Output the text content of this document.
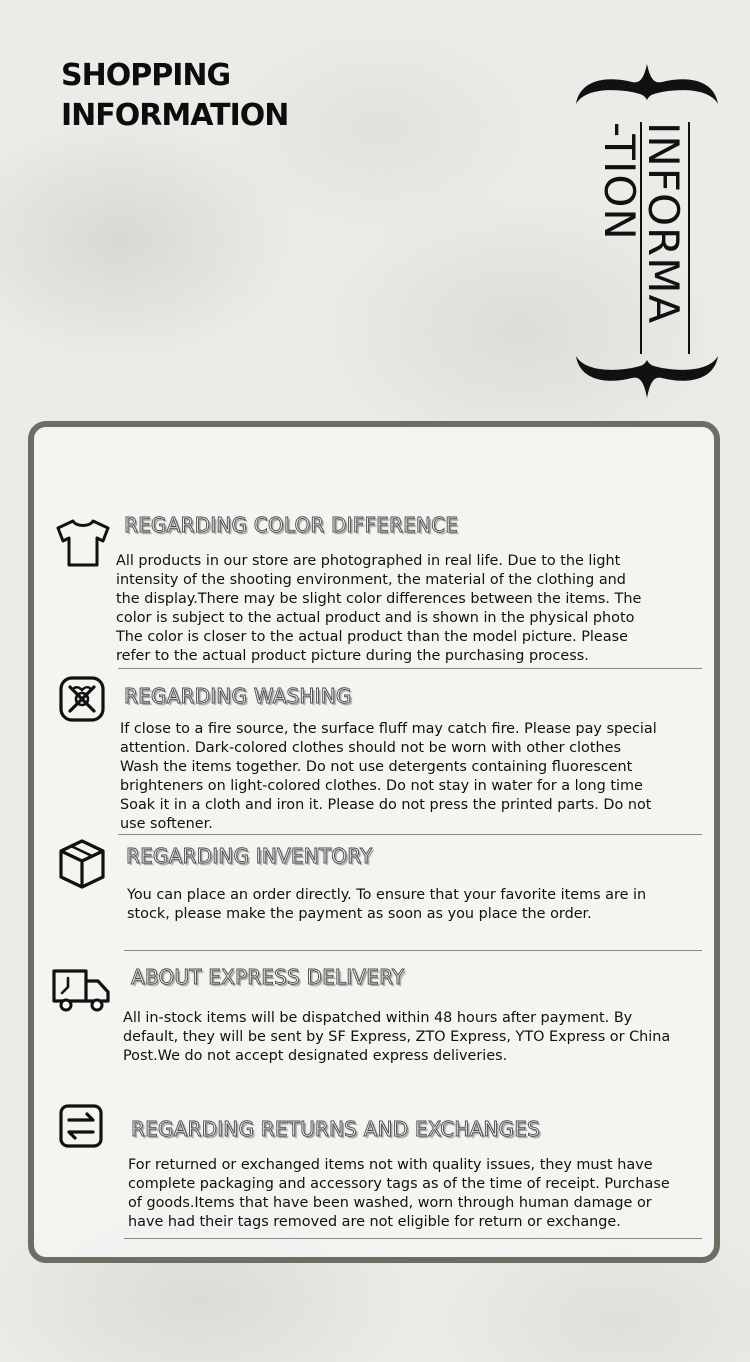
SHOPPING
INFORMATION
INFORMA
-TION
REGARDING COLOR DIFFERENCE
All products in our store are photographed in real life. Due to the light
intensity of the shooting environment, the material of the clothing and
the display.There may be slight color differences between the items. The
color is subject to the actual product and is shown in the physical photo
The color is closer to the actual product than the model picture. Please
refer to the actual product picture during the purchasing process.
REGARDING WASHING
If close to a fire source, the surface fluff may catch fire. Please pay special
attention. Dark-colored clothes should not be worn with other clothes
Wash the items together. Do not use detergents containing fluorescent
brighteners on light-colored clothes. Do not stay in water for a long time
Soak it in a cloth and iron it. Please do not press the printed parts. Do not
use softener.
REGARDING INVENTORY
You can place an order directly. To ensure that your favorite items are in
stock, please make the payment as soon as you place the order.
ABOUT EXPRESS DELIVERY
All in-stock items will be dispatched within 48 hours after payment. By
default, they will be sent by SF Express, ZTO Express, YTO Express or China
Post.We do not accept designated express deliveries.
REGARDING RETURNS AND EXCHANGES
For returned or exchanged items not with quality issues, they must have
complete packaging and accessory tags as of the time of receipt. Purchase
of goods.Items that have been washed, worn through human damage or
have had their tags removed are not eligible for return or exchange.
